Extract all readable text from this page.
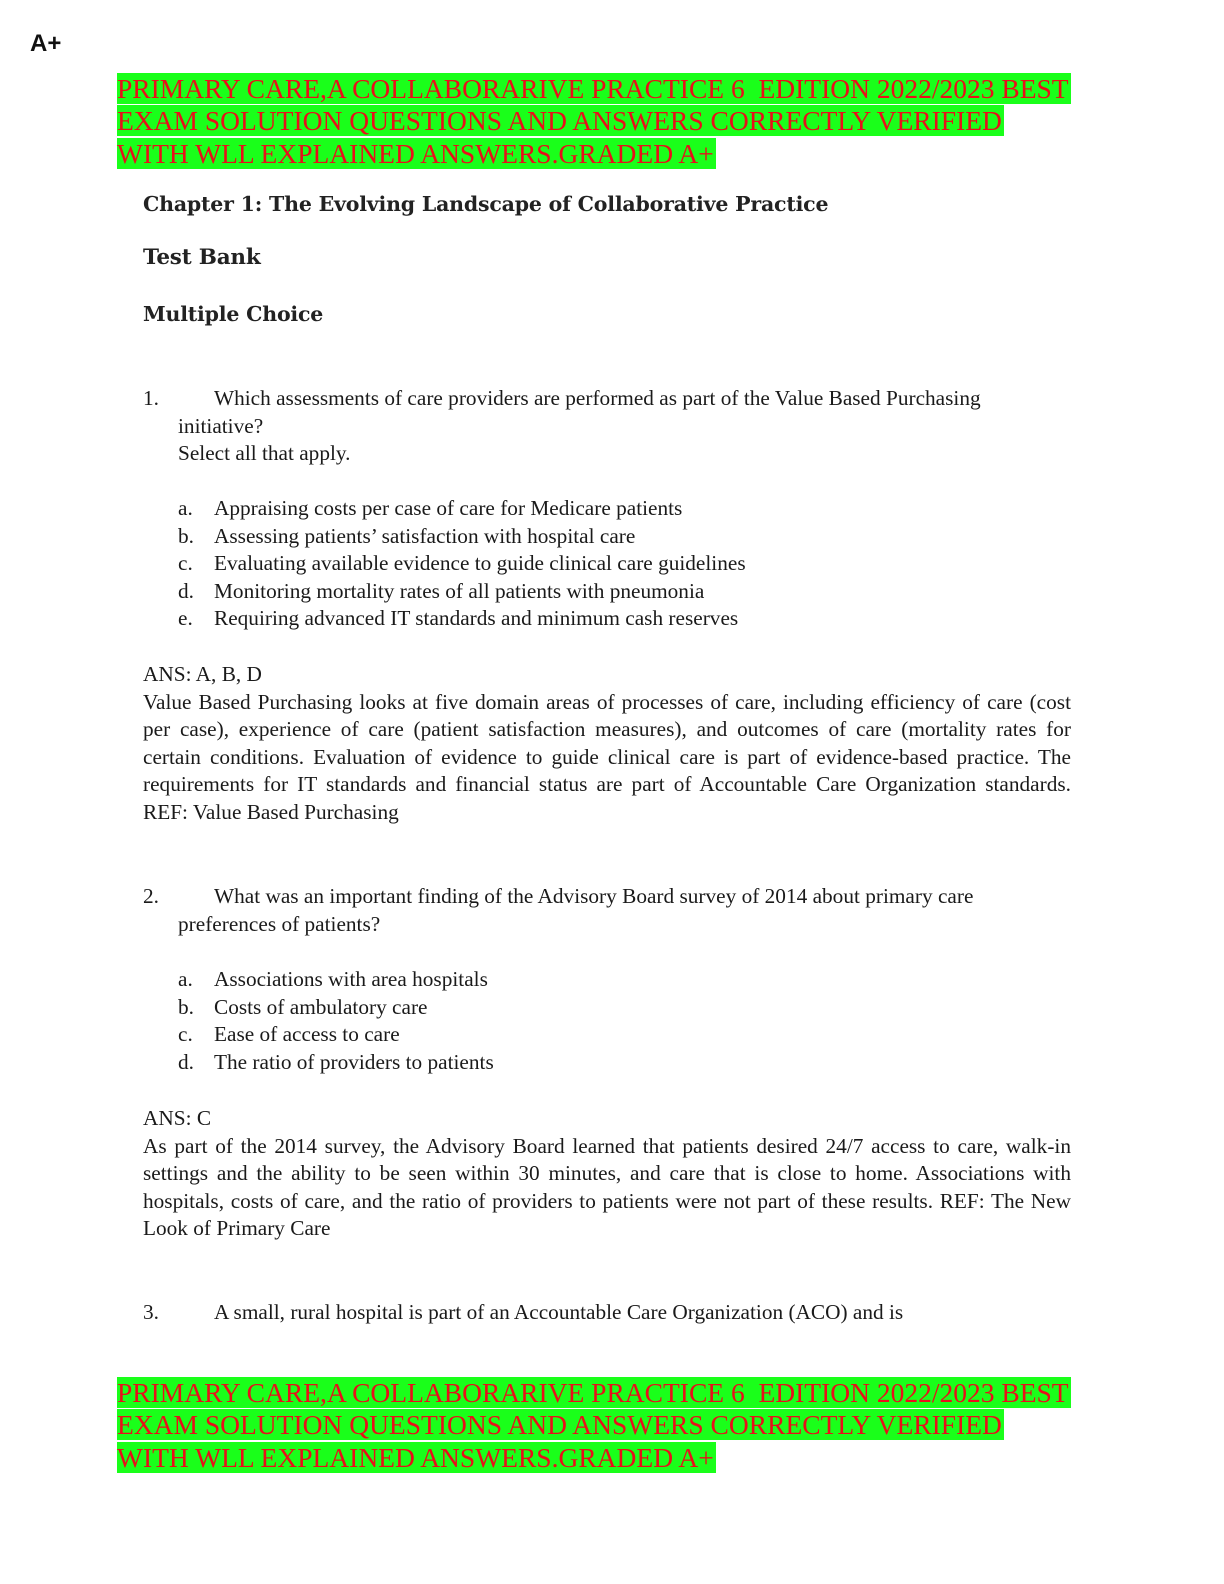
A+
PRIMARY CARE,A COLLABORARIVE PRACTICE 6  EDITION 2022/2023 BEST
EXAM SOLUTION QUESTIONS AND ANSWERS CORRECTLY VERIFIED
WITH WLL EXPLAINED ANSWERS.GRADED A+
Chapter 1: The Evolving Landscape of Collaborative Practice
Test Bank
Multiple Choice
1.	Which assessments of care providers are performed as part of the Value Based Purchasing
initiative?
Select all that apply.
a. Appraising costs per case of care for Medicare patients
b. Assessing patients’ satisfaction with hospital care
c. Evaluating available evidence to guide clinical care guidelines
d. Monitoring mortality rates of all patients with pneumonia
e. Requiring advanced IT standards and minimum cash reserves
ANS: A, B, D
Value Based Purchasing looks at five domain areas of processes of care, including efficiency of care (cost per case), experience of care (patient satisfaction measures), and outcomes of care (mortality rates for certain conditions. Evaluation of evidence to guide clinical care is part of evidence-based practice. The requirements for IT standards and financial status are part of Accountable Care Organization standards. REF: Value Based Purchasing
2.	What was an important finding of the Advisory Board survey of 2014 about primary care
preferences of patients?
a. Associations with area hospitals
b. Costs of ambulatory care
c. Ease of access to care
d. The ratio of providers to patients
ANS: C
As part of the 2014 survey, the Advisory Board learned that patients desired 24/7 access to care, walk-in settings and the ability to be seen within 30 minutes, and care that is close to home. Associations with hospitals, costs of care, and the ratio of providers to patients were not part of these results. REF: The New Look of Primary Care
3.	A small, rural hospital is part of an Accountable Care Organization (ACO) and is
PRIMARY CARE,A COLLABORARIVE PRACTICE 6  EDITION 2022/2023 BEST
EXAM SOLUTION QUESTIONS AND ANSWERS CORRECTLY VERIFIED
WITH WLL EXPLAINED ANSWERS.GRADED A+
